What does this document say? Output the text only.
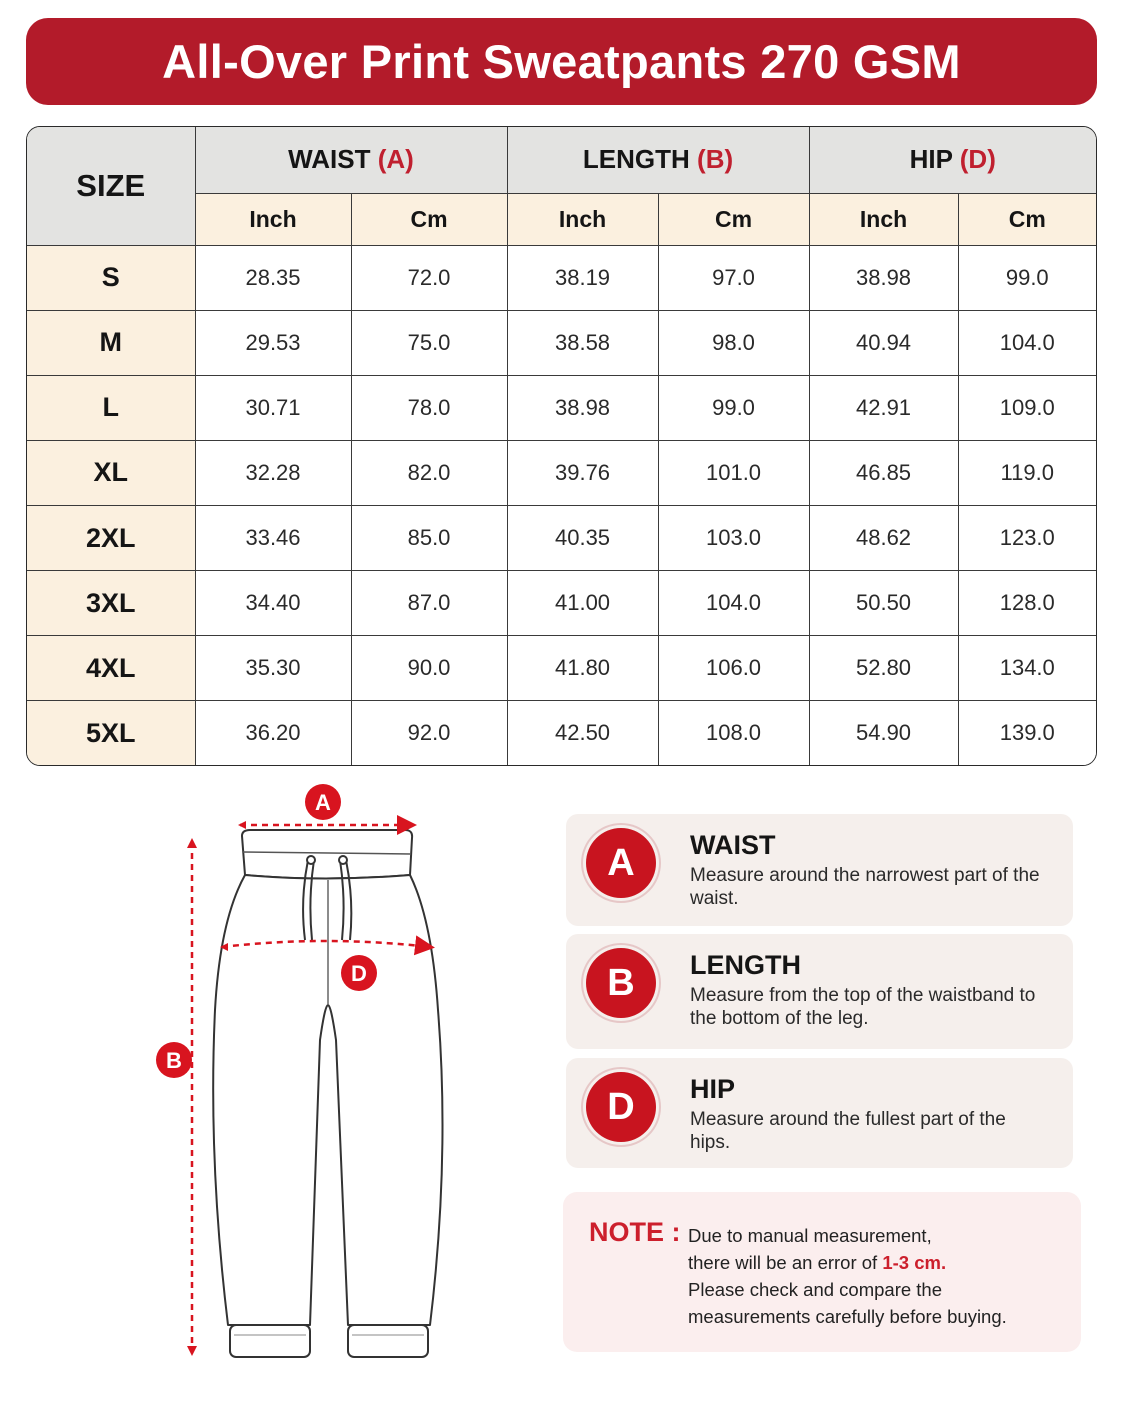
All-Over Print Sweatpants 270 GSM
SIZE	WAIST (A)		LENGTH (B)		HIP (D)	
	Inch	Cm	Inch	Cm	Inch	Cm
S	28.35	72.0	38.19	97.0	38.98	99.0
M	29.53	75.0	38.58	98.0	40.94	104.0
L	30.71	78.0	38.98	99.0	42.91	109.0
XL	32.28	82.0	39.76	101.0	46.85	119.0
2XL	33.46	85.0	40.35	103.0	48.62	123.0
3XL	34.40	87.0	41.00	104.0	50.50	128.0
4XL	35.30	90.0	41.80	106.0	52.80	134.0
5XL	36.20	92.0	42.50	108.0	54.90	139.0
A
D
B
A	WAIST
Measure around the narrowest part of the waist.
B	LENGTH
Measure from the top of the waistband to the bottom of the leg.
D	HIP
Measure around the fullest part of the hips.
NOTE : Due to manual measurement,
there will be an error of 1-3 cm.
Please check and compare the measurements carefully before buying.
